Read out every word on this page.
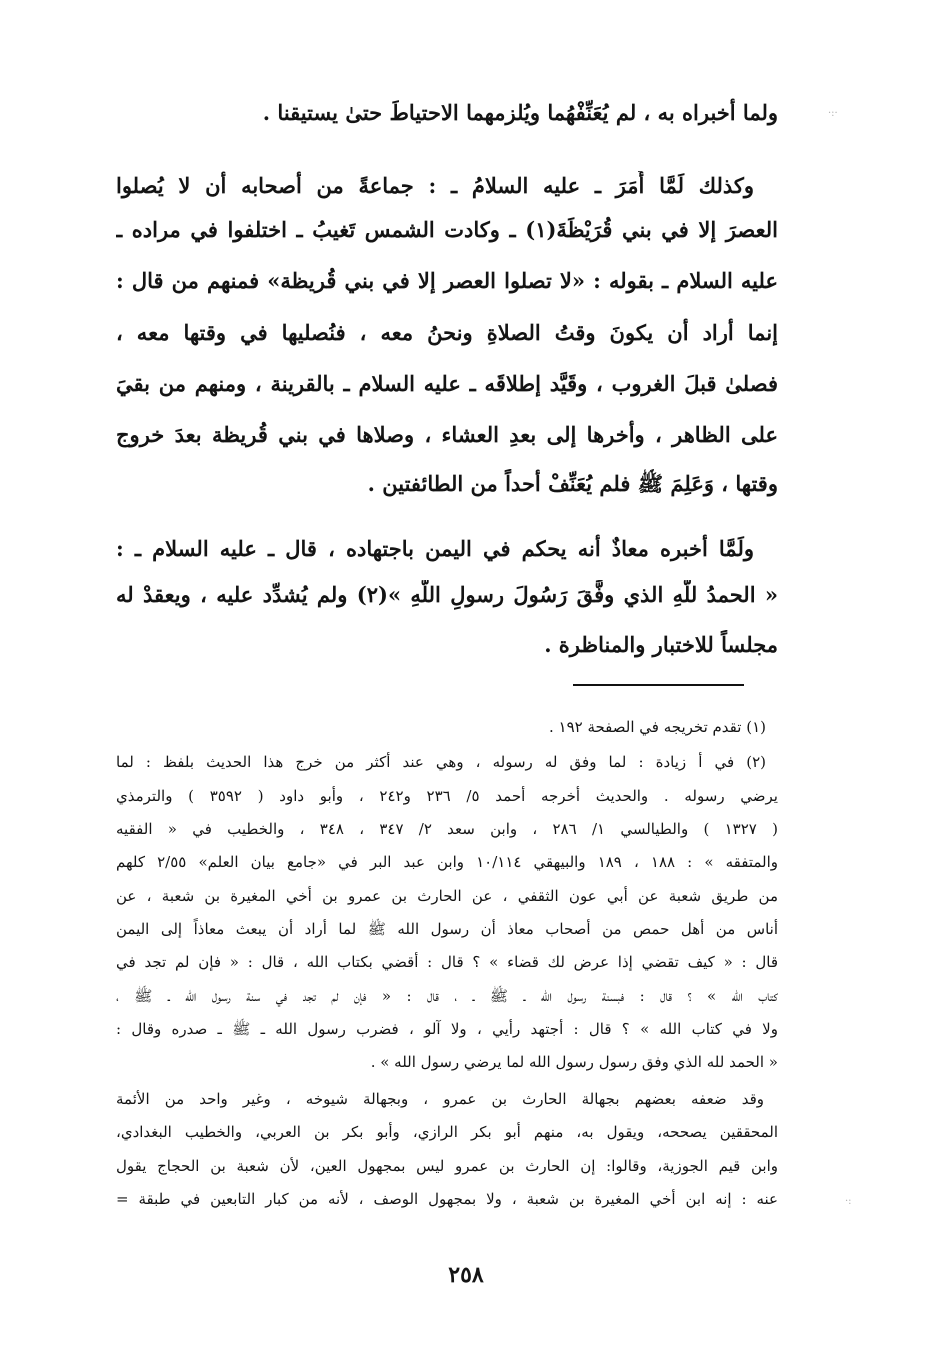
ولما أخبراه به ، لم يُعَنِّفْهُما ويُلزمهما الاحتياطَ حتىٰ يستيقنا .
وكذلك لَمَّا أَمَرَ ـ عليه السلامُ ـ : جماعةً من أصحابه أن لا يُصلوا
العصرَ إلا في بني قُرَيْظَةَ(١) ـ وكادت الشمس تَغيبُ ـ اختلفوا في مراده ـ
عليه السلام ـ بقوله : «لا تصلوا العصر إلا في بني قُريظة» فمنهم من قال :
إنما أراد أن يكونَ وقتُ الصلاةِ ونحنُ معه ، فنُصليها في وقتها معه ،
فصلىٰ قبلَ الغروب ، وقَيَّد إطلاقَه ـ عليه السلام ـ بالقرينة ، ومنهم من بقيَ
على الظاهر ، وأخرها إلى بعدِ العشاء ، وصلاها في بني قُريظة بعدَ خروج
وقتها ، وَعَلِمَ ﷺ فلم يُعَنِّفْ أحداً من الطائفتين .
ولَمَّا أخبره معاذٌ أنه يحكم في اليمن باجتهاده ، قال ـ عليه السلام ـ :
« الحمدُ للَّهِ الذي وفَّقَ رَسُولَ رسولِ اللَّهِ »(٢) ولم يُشدِّد عليه ، ويعقدْ له
مجلساً للاختبار والمناظرة .
(١) تقدم تخريجه في الصفحة ١٩٢ .
(٢) في أ زيادة : لما وفق له رسوله ، وهي عند أكثر من خرج هذا الحديث بلفظ : لما
يرضي رسوله . والحديث أخرجه أحمد ٥/ ٢٣٦ و٢٤٢ ، وأبو داود ( ٣٥٩٢ ) والترمذي
( ١٣٢٧ ) والطيالسي ١/ ٢٨٦ ، وابن سعد ٢/ ٣٤٧ ، ٣٤٨ ، والخطيب في « الفقيه
والمتفقه » : ١٨٨ ، ١٨٩ والبيهقي ١٠/١١٤ وابن عبد البر في «جامع بيان العلم» ٢/٥٥ كلهم
من طريق شعبة عن أبي عون الثقفي ، عن الحارث بن عمرو بن أخي المغيرة بن شعبة ، عن
أناس من أهل حمص من أصحاب معاذ أن رسول الله ﷺ لما أراد أن يبعث معاذاً إلى اليمن
قال : « كيف تقضي إذا عرض لك قضاء » ؟ قال : أقضي بكتاب الله ، قال : « فإن لم تجد في
كتاب الله » ؟ قال : فبسنة رسول الله ـ ﷺ ـ ، قال : « فإن لم تجد في سنة رسول الله ـ ﷺ ،
ولا في كتاب الله » ؟ قال : أجتهد رأيي ، ولا آلو ، فضرب رسول الله ـ ﷺ ـ صدره وقال :
« الحمد لله الذي وفق رسول رسول الله لما يرضي رسول الله » .
وقد ضعفه بعضهم بجهالة الحارث بن عمرو ، وبجهالة شيوخه ، وغير واحد من الأئمة
المحققين يصححه، ويقول به، منهم أبو بكر الرازي، وأبو بكر بن العربي، والخطيب البغدادي،
وابن قيم الجوزية، وقالوا: إن الحارث بن عمرو ليس بمجهول العين، لأن شعبة بن الحجاج يقول
عنه : إنه ابن أخي المغيرة بن شعبة ، ولا بمجهول الوصف ، لأنه من كبار التابعين في طبقة =
٢٥٨
·:·
·:
